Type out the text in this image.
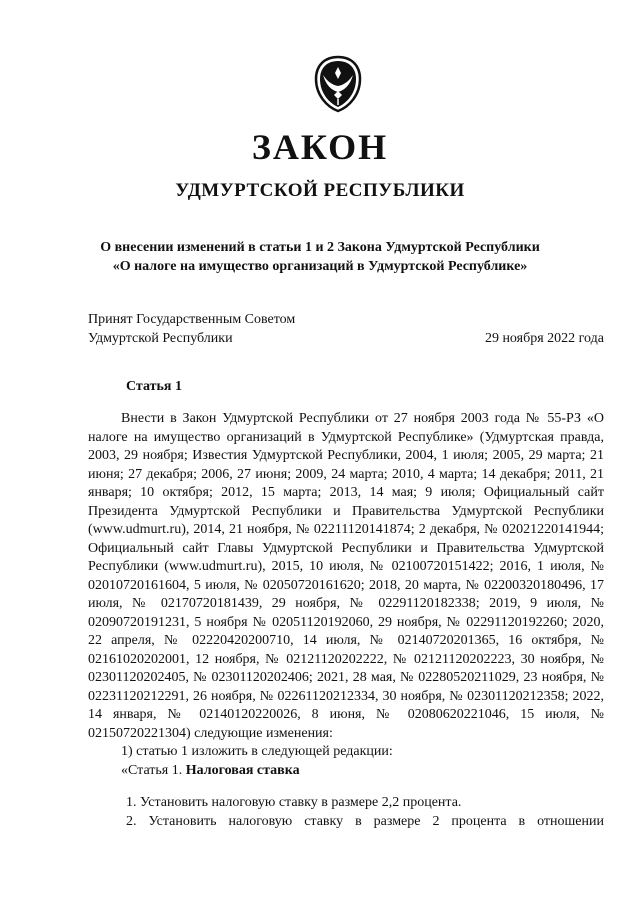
ЗАКОН
УДМУРТСКОЙ РЕСПУБЛИКИ
О внесении изменений в статьи 1 и 2 Закона Удмуртской Республики
«О налоге на имущество организаций в Удмуртской Республике»
Принят Государственным Советом
Удмуртской Республики	29 ноября 2022 года
Статья 1

Внести в Закон Удмуртской Республики от 27 ноября 2003 года № 55-РЗ «О налоге на имущество организаций в Удмуртской Республике» (Удмуртская правда, 2003, 29 ноября; Известия Удмуртской Республики, 2004, 1 июля; 2005, 29 марта; 21 июня; 27 декабря; 2006, 27 июня; 2009, 24 марта; 2010, 4 марта; 14 декабря; 2011, 21 января; 10 октября; 2012, 15 марта; 2013, 14 мая; 9 июля; Официальный сайт Президента Удмуртской Республики и Правительства Удмуртской Республики (www.udmurt.ru), 2014, 21 ноября, № 02211120141874; 2 декабря, № 02021220141944; Официальный сайт Главы Удмуртской Республики и Правительства Удмуртской Республики (www.udmurt.ru), 2015, 10 июля, № 02100720151422; 2016, 1 июля, № 02010720161604, 5 июля, № 02050720161620; 2018, 20 марта, № 02200320180496, 17 июля, № 02170720181439, 29 ноября, № 02291120182338; 2019, 9 июля, № 02090720191231, 5 ноября № 02051120192060, 29 ноября, № 02291120192260; 2020, 22 апреля, № 02220420200710, 14 июля, № 02140720201365, 16 октября, № 02161020202001, 12 ноября, № 02121120202222, № 02121120202223, 30 ноября, № 02301120202405, № 02301120202406; 2021, 28 мая, № 02280520211029, 23 ноября, № 02231120212291, 26 ноября, № 02261120212334, 30 ноября, № 02301120212358; 2022, 14 января, № 02140120220026, 8 июня, № 02080620221046, 15 июля, № 02150720221304) следующие изменения:

1) статью 1 изложить в следующей редакции:
«Статья 1. Налоговая ставка
1. Установить налоговую ставку в размере 2,2 процента.
2. Установить налоговую ставку в размере 2 процента в отношении
